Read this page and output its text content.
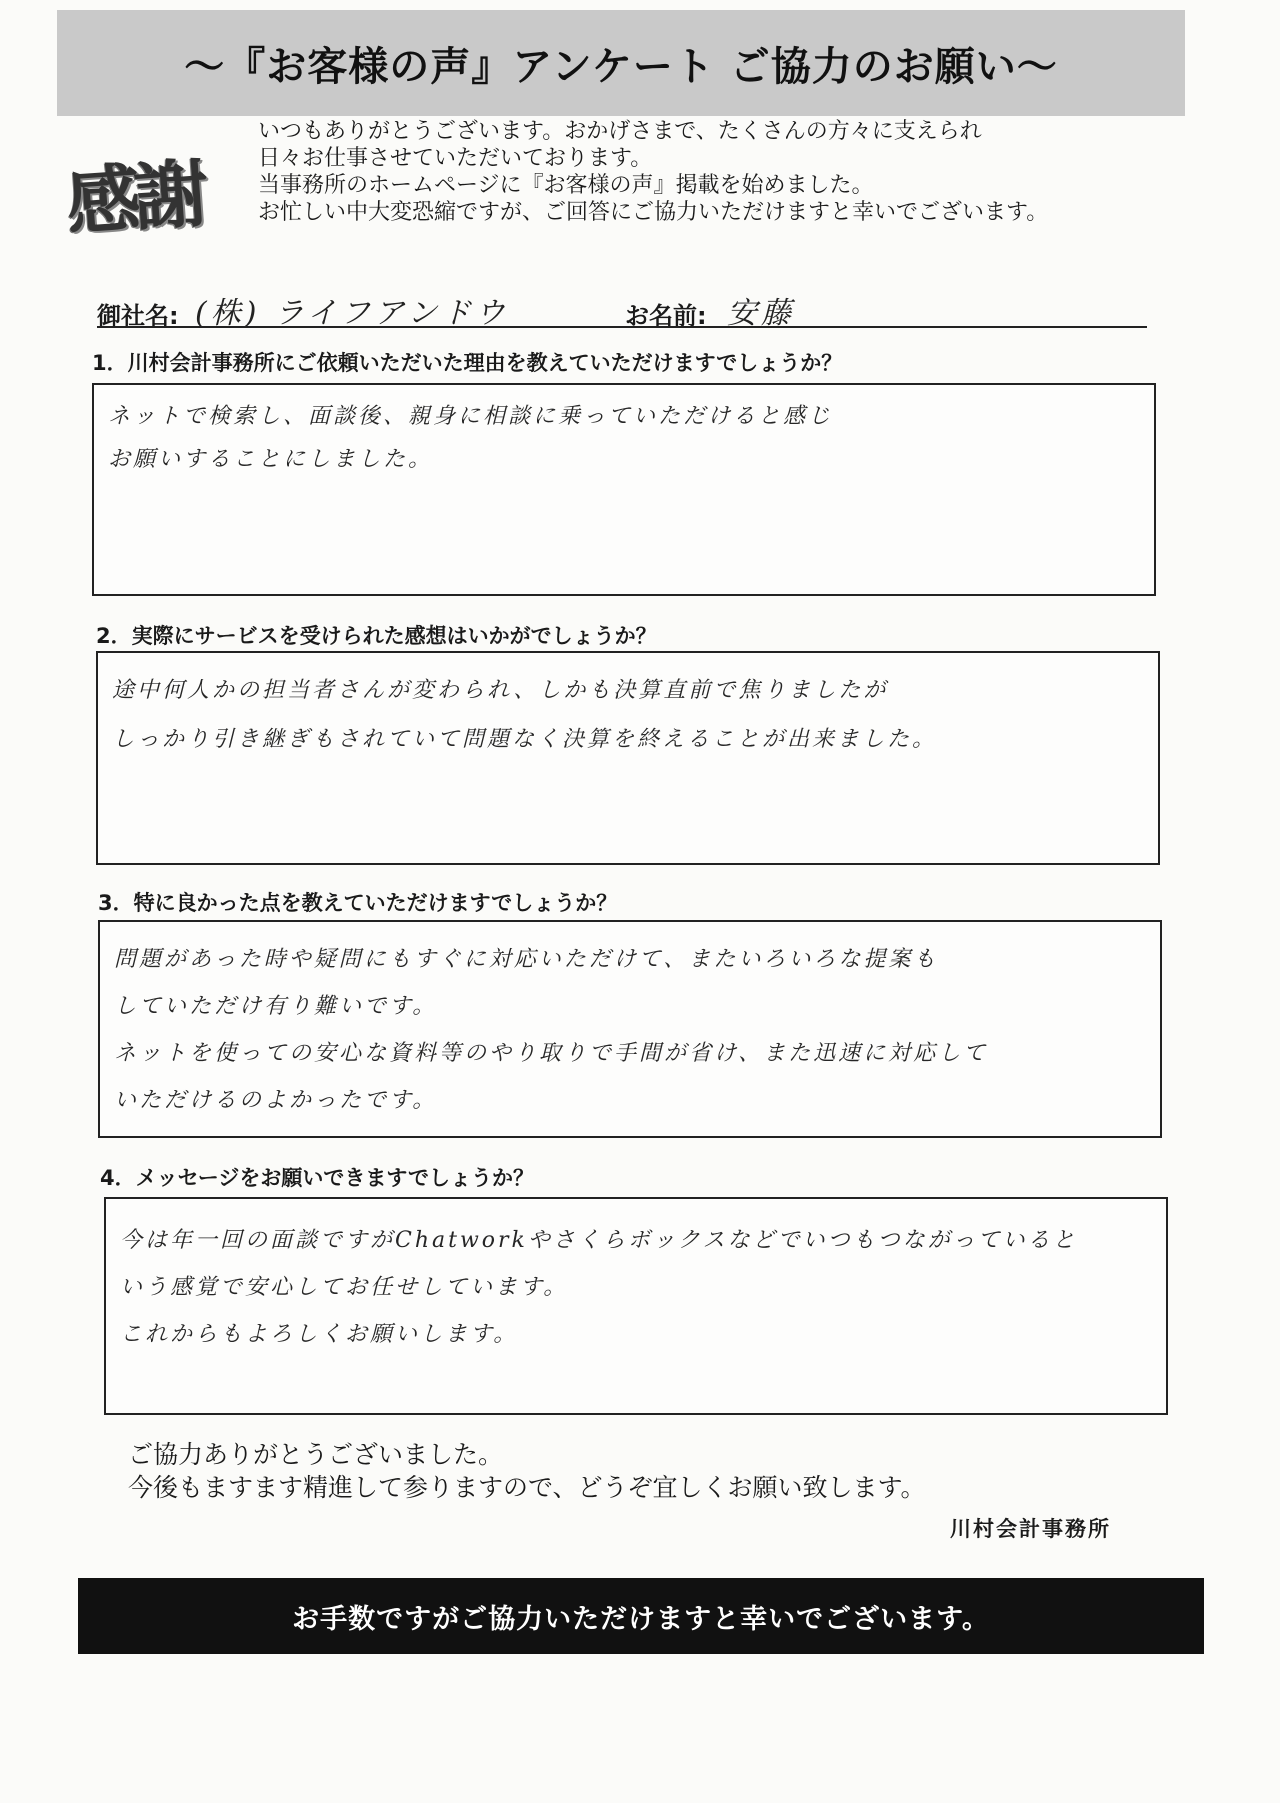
～『お客様の声』アンケート ご協力のお願い～
感謝
いつもありがとうございます。おかげさまで、たくさんの方々に支えられ
日々お仕事させていただいております。
当事務所のホームページに『お客様の声』掲載を始めました。
お忙しい中大変恐縮ですが、ご回答にご協力いただけますと幸いでございます。
御社名: (株) ライフアンドウ	お名前: 安藤
1．川村会計事務所にご依頼いただいた理由を教えていただけますでしょうか？
ネットで検索し、面談後、親身に相談に乗っていただけると感じ
お願いすることにしました。
2．実際にサービスを受けられた感想はいかがでしょうか？
途中何人かの担当者さんが変わられ、しかも決算直前で焦りましたが
しっかり引き継ぎもされていて問題なく決算を終えることが出来ました。
3．特に良かった点を教えていただけますでしょうか？
問題があった時や疑問にもすぐに対応いただけて、またいろいろな提案も
していただけ有り難いです。
ネットを使っての安心な資料等のやり取りで手間が省け、また迅速に対応して
いただけるのよかったです。
4．メッセージをお願いできますでしょうか？
今は年一回の面談ですがChatworkやさくらボックスなどでいつもつながっていると
いう感覚で安心してお任せしています。
これからもよろしくお願いします。
ご協力ありがとうございました。
今後もますます精進して参りますので、どうぞ宜しくお願い致します。
川村会計事務所
お手数ですがご協力いただけますと幸いでございます。
